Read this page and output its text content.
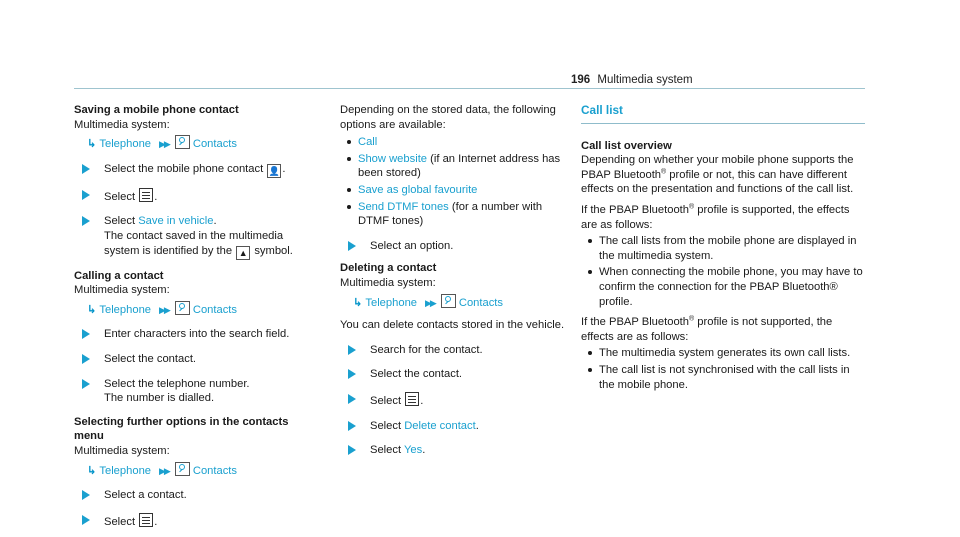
196 Multimedia system
Saving a mobile phone contact

Multimedia system:

↳ Telephone ▶▶ Contacts
Select the mobile phone contact 👤 .
Select .
Select Save in vehicle.
The contact saved in the multimedia system is identified by the ▲ symbol.
Calling a contact

Multimedia system:

↳ Telephone ▶▶ Contacts
Enter characters into the search field.
Select the contact.
Select the telephone number.
The number is dialled.
Selecting further options in the contacts menu

Multimedia system:

↳ Telephone ▶▶ Contacts
Select a contact.
Select .

Depending on the stored data, the following options are available:

Call
Show website (if an Internet address has been stored)
Save as global favourite
Send DTMF tones (for a number with DTMF tones)
Select an option.
Deleting a contact

Multimedia system:

↳ Telephone ▶▶ Contacts

You can delete contacts stored in the vehicle.

Search for the contact.
Select the contact.
Select .
Select Delete contact.
Select Yes.
Call list
Call list overview

Depending on whether your mobile phone supports the PBAP Bluetooth® profile or not, this can have different effects on the presentation and functions of the call list.

If the PBAP Bluetooth® profile is supported, the effects are as follows:

The call lists from the mobile phone are displayed in the multimedia system.
When connecting the mobile phone, you may have to confirm the connection for the PBAP Bluetooth® profile.

If the PBAP Bluetooth® profile is not supported, the effects are as follows:

The multimedia system generates its own call lists.
The call list is not synchronised with the call lists in the mobile phone.
